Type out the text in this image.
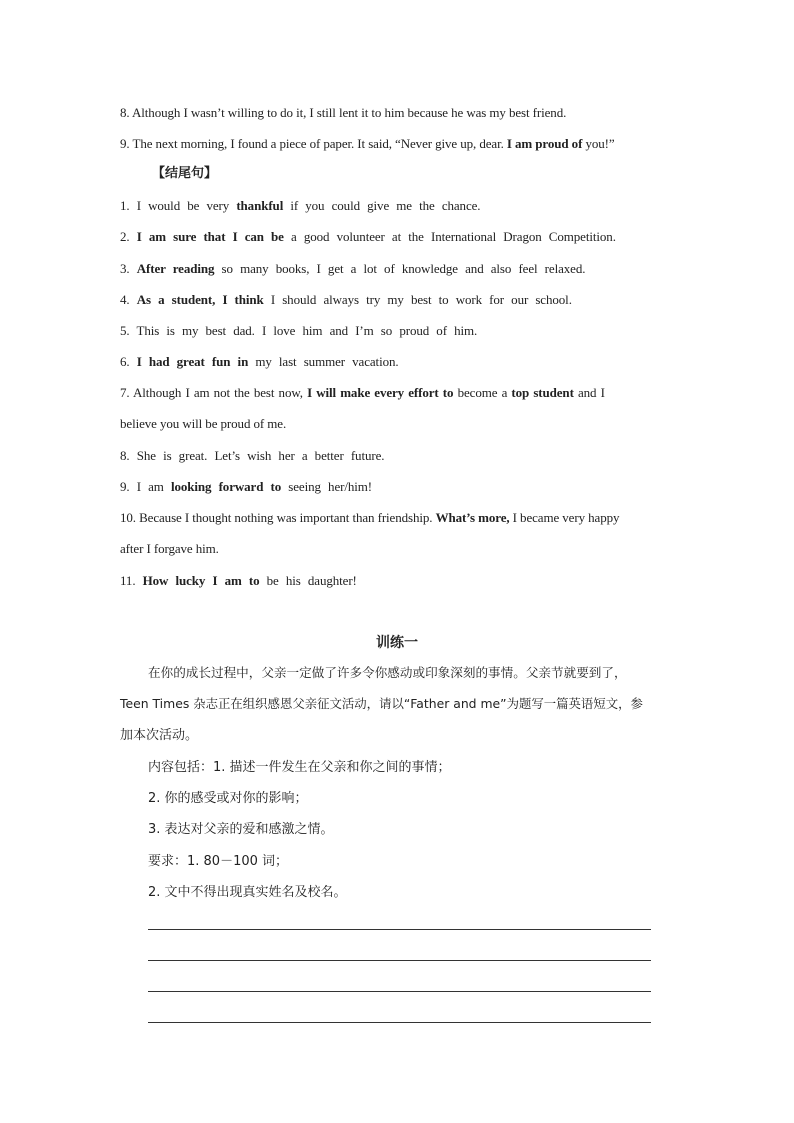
8. Although I wasn’t willing to do it, I still lent it to him because he was my best friend.
9. The next morning, I found a piece of paper. It said, “Never give up, dear. I am proud of you!”
【结尾句】
1. I would be very thankful if you could give me the chance.
2. I am sure that I can be a good volunteer at the International Dragon Competition.
3. After reading so many books, I get a lot of knowledge and also feel relaxed.
4. As a student, I think I should always try my best to work for our school.
5. This is my best dad. I love him and I’m so proud of him.
6. I had great fun in my last summer vacation.
7. Although I am not the best now, I will make every effort to become a top student and I
believe you will be proud of me.
8. She is great. Let’s wish her a better future.
9. I am looking forward to seeing her/him!
10. Because I thought nothing was important than friendship. What’s more, I became very happy
after I forgave him.
11. How lucky I am to be his daughter!
训练一
在你的成长过程中，父亲一定做了许多令你感动或印象深刻的事情。父亲节就要到了，
Teen Times 杂志正在组织感恩父亲征文活动，请以“Father and me”为题写一篇英语短文，参
加本次活动。
内容包括：1. 描述一件发生在父亲和你之间的事情；
2. 你的感受或对你的影响；
3. 表达对父亲的爱和感激之情。
要求：1. 80－100 词；
2. 文中不得出现真实姓名及校名。
